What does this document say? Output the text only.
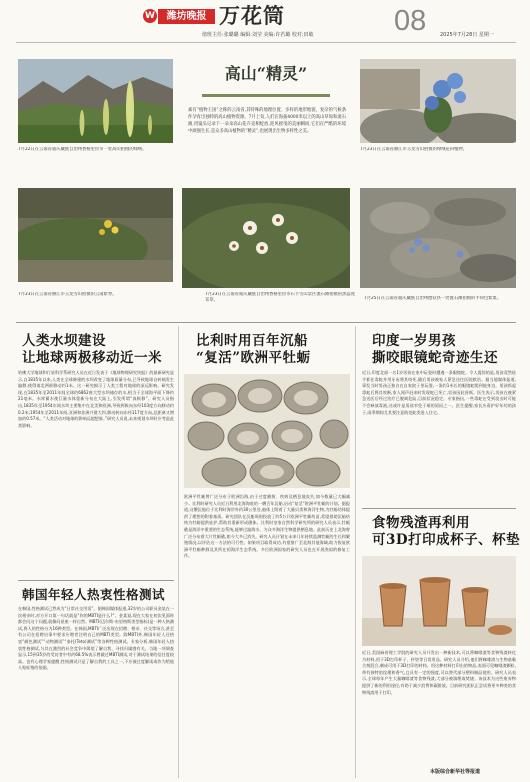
W	潍坊晚报 万花筒
值班主任:张璐璐 编辑:刘莹 美编:许若璐 校对:田敏	08	2025年7月28日 星期一
7月22日在云南省迪庆藏族自治州香格里拉市一处高山拍摄的绿绒。
高山“精灵”
素有“植物王国”之称的云南省,其特殊的地理位置、多样的地形地貌、复杂的气候条件孕育出独特的高山植物资源。7月上旬,人们在海拔4000米以上的高山草甸和流石滩,用镜头记录下一朵朵高山花卉竞相绽放,迎风摇曳的美丽瞬间,它们在严酷的环境中顽强生长,是众多高山植物的“精灵”,也展现出生物多样性之美。
7月23日在云南省丽江市玉龙雪山拍摄的绿绒花科植物。
7月23日在云南省丽江市玉龙雪山拍摄的云南紫萼。	7月23日在云南省迪庆藏族自治州香格里拉市石卡雪山景区流石滩拍摄的黑蕊虎耳草。	7月25日在云南省迪庆藏族自治州德钦县一处流石滩拍摄的半荷包紫堇。
人类水坝建设
让地球两极移动近一米
哈佛大学地球和行星科学系研究人员在近日发表于《地球物理研究快报》的最新研究显示,自1835年以来,人类在全球修建的水坝改变了地球质量分布,已导致地球自转轴发生偏移,使得南北两极移动约1米。这一研究揭示了人类工程对地球的深远影响。研究发现,在1835年至2011年间全球约6862座大型水坝储存的水,相当于全球海平面下降约21毫米。水库蓄水使巨量水体重新分布在大陆上,引发所谓“真极移”。研究人员指出,1835年至1954年间水坝主要集中在北美和欧洲,导致两极向东经103度方向移动约0.2米;1954年至2011年间,亚洲和非洲兴建大坝,移动转向东经117度方向,总距离又增加约0.57米。“人类活动对地球的影响远超想象。”研究人员说,未来规划水坝时应考虑此类影响。
韩国年轻人热衷性格测试
在韩国,性格测试已然成为“日常社交用语”。据韩国媒体报道,32岁的公司职员金某在一次相亲时,对方开口第一句话就是“你的MBTI是什么?”。金某说,现在大家在初次见面时都会问这个问题,就像问星座一样自然。MBTI(迈尔斯-布里格斯类型指标)是一种人格测试,将人的性格分为16种类型。在韩国,MBTI广泛出现在招聘、相亲、社交等场合,甚至有公司在招聘启事中要求应聘者注明自己的MBTI类型。除MBTI外,韩国年轻人还热衷“颜色测试”“动物测试”“泰托(Teto)测试”等各种性格测试。专家分析,韩国年轻人热衷性格测试,与其在激烈的社会竞争中渴望了解自我、寻找归属感有关。当地一项调查显示,15到35岁的受访者中有约68.5%表示曾做过MBTI测试,对于测试结果的信任度较高。也有心理学家提醒,性格测试只是了解自我的工具之一,不应被过度解读或作为给他人贴标签的依据。
比利时用百年沉船
“复活”欧洲平牡蛎
欧洲平牡蛎曾广泛分布于欧洲沿海,由于过度捕捞、疾病及栖息地丧失,如今数量已大幅减少。比利时研究人员近日利用北海海底的一艘百年沉船,启动“复活”欧洲平牡蛎的计划。据报道,这艘沉船位于比利时海岸外约30公里处,船体上附着了大量贝类和海洋生物,为牡蛎幼体提供了理想的附着基质。研究团队在沉船周围投放了约5万只欧洲平牡蛎幼苗,希望借助沉船结构为牡蛎提供庇护,帮助其重新形成礁体。比利时皇家自然科学研究所的研究人员表示,牡蛎礁是海洋中重要的生态系统,能够过滤海水、为众多海洋生物提供栖息地。此前历史上北海曾广泛分布着大片牡蛎礁,如今大多已消失。研究人员计划在未来几年持续监测牡蛎的生长和繁殖情况,以评估这一方法的可行性。如果项目取得成功,有望推广至北海其他海域,助力恢复欧洲平牡蛎种群及其所在的海洋生态系统。多位欧洲国家的研究人员也在开展类似的修复工作。
印度一岁男孩
撕咬眼镜蛇奇迹生还
近日,印度北部一名1岁男孩在家中玩耍时遭遇一条眼镜蛇。令人震惊的是,男孩竟然徒手抓住毒蛇并用牙齿将其咬死,随后男孩被家人紧急送往医院救治。据当地媒体报道,事发当时男孩正独自在自家院子里玩耍,一条约1米长的眼镜蛇爬到他身边。男孩抓起毒蛇后将其咬断,家人闻声赶来时发现蛇已死亡,男孩因此昏厥。医生表示,男孩在被紧急送医后经过治疗已脱离危险,目前状况稳定。专家指出,一些毒蛇在受到攻击时可能不会释放毒液,这或许是男孩幸免于难的原因之一。医生提醒,家长应看护好年幼的孩子,雨季期间尤其要注意防范蛇类进入住宅。
食物残渣再利用
可3D打印成杯子、杯垫
近日,美国麻省理工学院的研究人员开发出一种新技术,可以将咖啡渣等食物残渣转化为材料,用于3D打印杯子、杯垫等日常用品。研究人员介绍,他们将咖啡渣与生物基黏合剂混合,制成可用于3D打印的材料。用这种材料打印出的物品,表面可见咖啡渣颗粒,带有独特的纹理和香气,且具有一定的强度,可以替代部分塑料制品使用。研究人员表示,全球每年产生大量咖啡渣等食物残渣,大部分被填埋或焚烧。该技术为这些废弃物提供了新的利用途径,有助于减少浪费和碳排放。目前研究团队正尝试将更多种类的食物残渣用于打印。
本版综合新华社等报道
